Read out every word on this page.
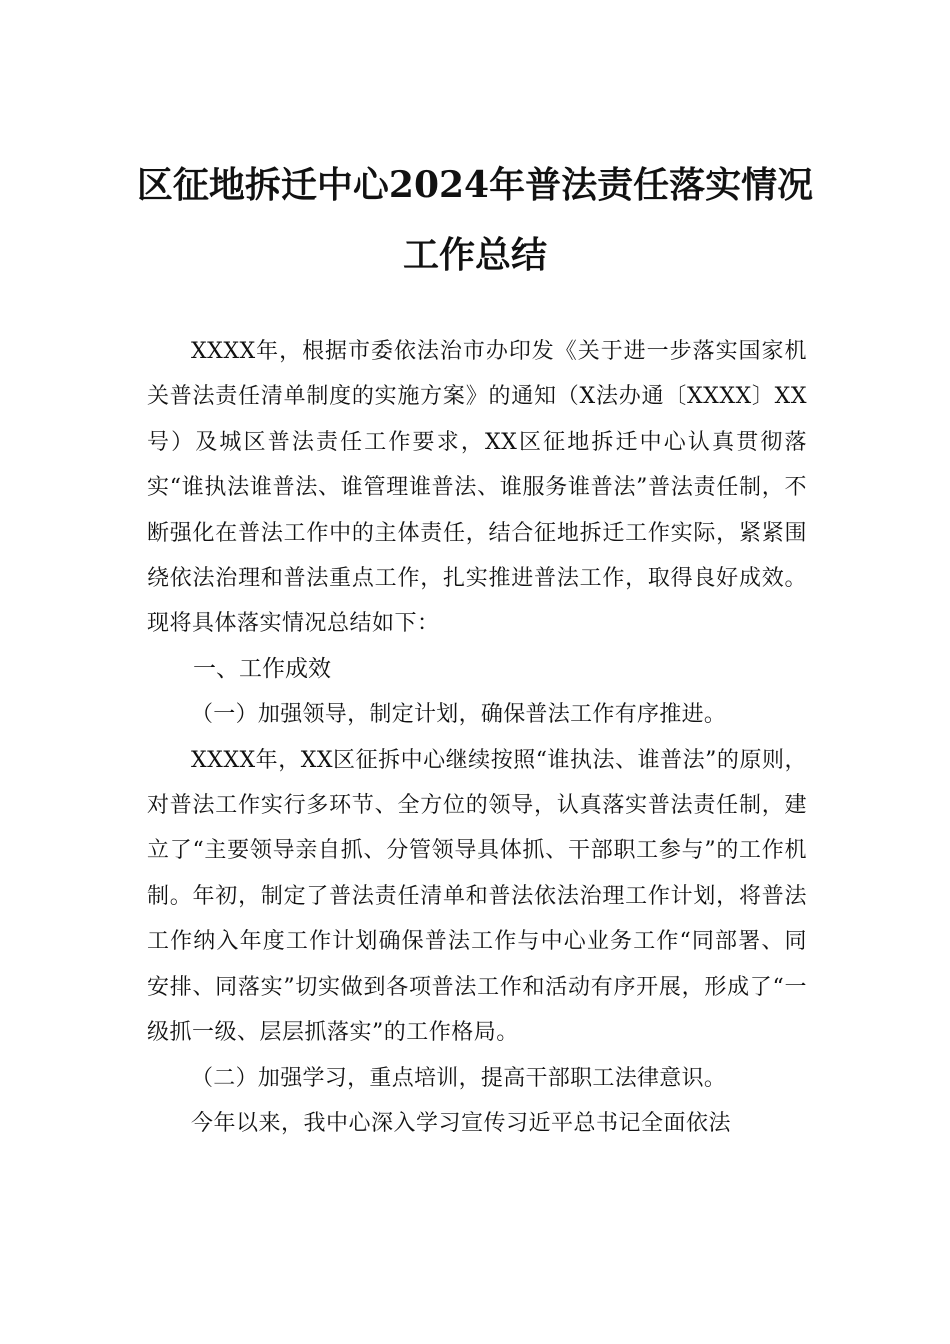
区征地拆迁中心2024年普法责任落实情况
工作总结

XXXX年，根据市委依法治市办印发《关于进一步落实国家机关普法责任清单制度的实施方案》的通知（X法办通〔XXXX〕XX号）及城区普法责任工作要求，XX区征地拆迁中心认真贯彻落实“谁执法谁普法、谁管理谁普法、谁服务谁普法”普法责任制，不断强化在普法工作中的主体责任，结合征地拆迁工作实际，紧紧围绕依法治理和普法重点工作，扎实推进普法工作，取得良好成效。现将具体落实情况总结如下：

一、工作成效

（一）加强领导，制定计划，确保普法工作有序推进。

XXXX年，XX区征拆中心继续按照“谁执法、谁普法”的原则，对普法工作实行多环节、全方位的领导，认真落实普法责任制，建立了“主要领导亲自抓、分管领导具体抓、干部职工参与”的工作机制。年初，制定了普法责任清单和普法依法治理工作计划，将普法工作纳入年度工作计划确保普法工作与中心业务工作“同部署、同安排、同落实”切实做到各项普法工作和活动有序开展，形成了“一级抓一级、层层抓落实”的工作格局。

（二）加强学习，重点培训，提高干部职工法律意识。

今年以来，我中心深入学习宣传习近平总书记全面依法
